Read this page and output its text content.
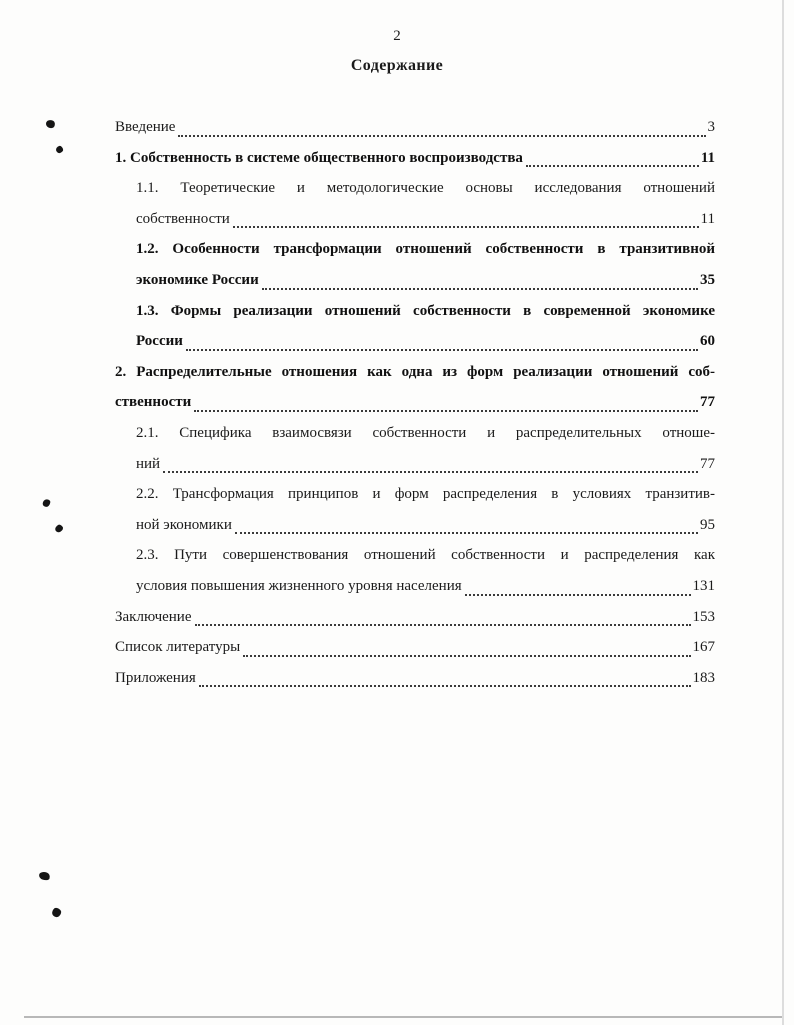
2
Содержание
Введение	3
1. Собственность в системе общественного воспроизводства	11
1.1. Теоретические и методологические основы исследования отношений
собственности	11
1.2. Особенности трансформации отношений собственности в транзитивной
экономике России	35
1.3. Формы реализации отношений собственности в современной экономике
России	60
2. Распределительные отношения как одна из форм реализации отношений соб-
ственности	77
2.1. Специфика взаимосвязи собственности и распределительных отноше-
ний	77
2.2. Трансформация принципов и форм распределения в условиях транзитив-
ной экономики	95
2.3. Пути совершенствования отношений собственности и распределения как
условия повышения жизненного уровня населения	131
Заключение	153
Список литературы	167
Приложения	183
